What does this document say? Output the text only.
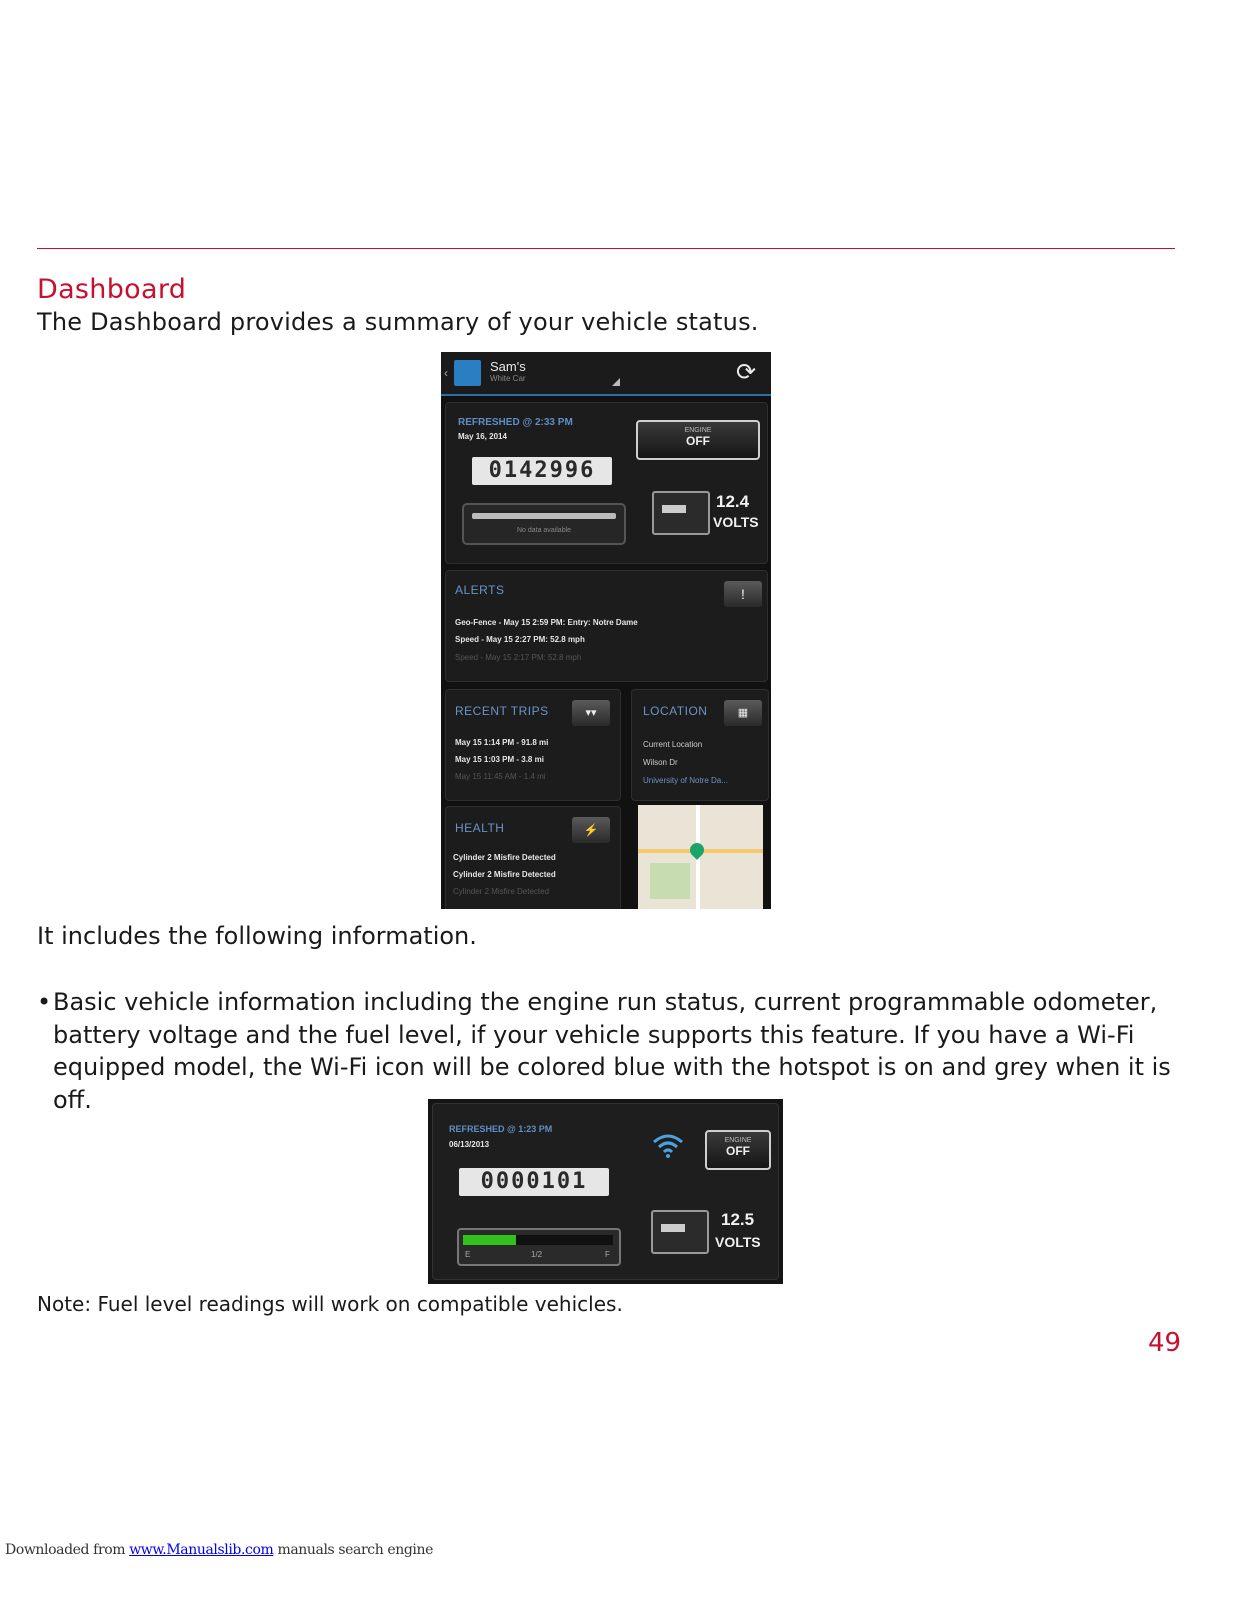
Dashboard
The Dashboard provides a summary of your vehicle status.
‹	Sam's
White Car	⟳
REFRESHED @ 2:33 PM
May 16, 2014
0142996
ENGINE
OFF
No data available
12.4
VOLTS
ALERTS	!
Geo-Fence - May 15 2:59 PM: Entry: Notre Dame
Speed - May 15 2:27 PM: 52.8 mph
Speed - May 15 2:17 PM: 52.8 mph
RECENT TRIPS	▾▾
May 15 1:14 PM - 91.8 mi
May 15 1:03 PM - 3.8 mi
May 15 11:45 AM - 1.4 mi
LOCATION	▦
Current Location
Wilson Dr
University of Notre Da...
HEALTH	⚡
Cylinder 2 Misfire Detected
Cylinder 2 Misfire Detected
Cylinder 2 Misfire Detected
It includes the following information.
• Basic vehicle information including the engine run status, current programmable odometer, battery voltage and the fuel level, if your vehicle supports this feature. If you have a Wi-Fi equipped model, the Wi-Fi icon will be colored blue with the hotspot is on and grey when it is off.
REFRESHED @ 1:23 PM
06/13/2013
0000101
ENGINE
OFF
E	1/2	F
12.5
VOLTS
Note: Fuel level readings will work on compatible vehicles.
49
Downloaded from www.Manualslib.com manuals search engine
